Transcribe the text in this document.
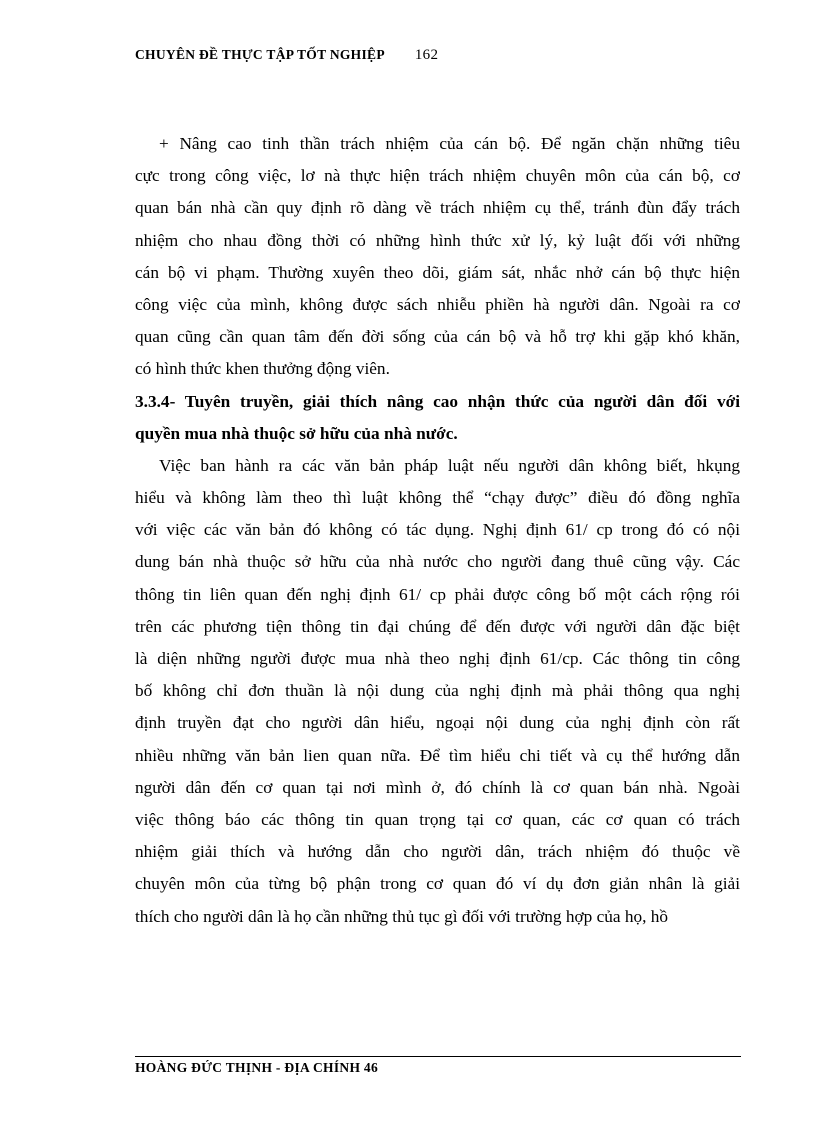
CHUYÊN ĐỀ THỰC TẬP TỐT NGHIỆP 162
+ Nâng cao tinh thần trách nhiệm của cán bộ. Để ngăn chặn những tiêu
cực trong công việc, lơ nà thực hiện trách nhiệm chuyên môn của cán bộ, cơ
quan bán nhà cần quy định rõ dàng về trách nhiệm cụ thể, tránh đùn đẩy trách
nhiệm cho nhau đồng thời có những hình thức xử lý, kỷ luật đối với những
cán bộ vi phạm. Thường xuyên theo dõi, giám sát, nhắc nhở cán bộ thực hiện
công việc của mình, không được sách nhiễu phiền hà người dân. Ngoài ra cơ
quan cũng cần quan tâm đến đời sống của cán bộ và hỗ trợ khi gặp khó khăn,
có hình thức khen thưởng động viên.
3.3.4- Tuyên truyền, giải thích nâng cao nhận thức của người dân đối với
quyền mua nhà thuộc sở hữu của nhà nước.
Việc ban hành ra các văn bản pháp luật nếu người dân không biết, hkụng
hiểu và không làm theo thì luật không thể “chạy được” điều đó đồng nghĩa
với việc các văn bản đó không có tác dụng. Nghị định 61/ cp trong đó có nội
dung bán nhà thuộc sở hữu của nhà nước cho người đang thuê cũng vậy. Các
thông tin liên quan đến nghị định 61/ cp phải được công bố một cách rộng rói
trên các phương tiện thông tin đại chúng để đến được với người dân đặc biệt
là diện những người được mua nhà theo nghị định 61/cp. Các thông tin công
bố không chỉ đơn thuần là nội dung của nghị định mà phải thông qua nghị
định truyền đạt cho người dân hiểu, ngoại nội dung của nghị định còn rất
nhiều những văn bản lien quan nữa. Để tìm hiểu chi tiết và cụ thể hướng dẫn
người dân đến cơ quan tại nơi mình ở, đó chính là cơ quan bán nhà. Ngoài
việc thông báo các thông tin quan trọng tại cơ quan, các cơ quan có trách
nhiệm giải thích và hướng dẫn cho người dân, trách nhiệm đó thuộc về
chuyên môn của từng bộ phận trong cơ quan đó ví dụ đơn giản nhân là giải
thích cho người dân là họ cần những thủ tục gì đối với trường hợp của họ, hồ
HOÀNG ĐỨC THỊNH - ĐỊA CHÍNH 46
